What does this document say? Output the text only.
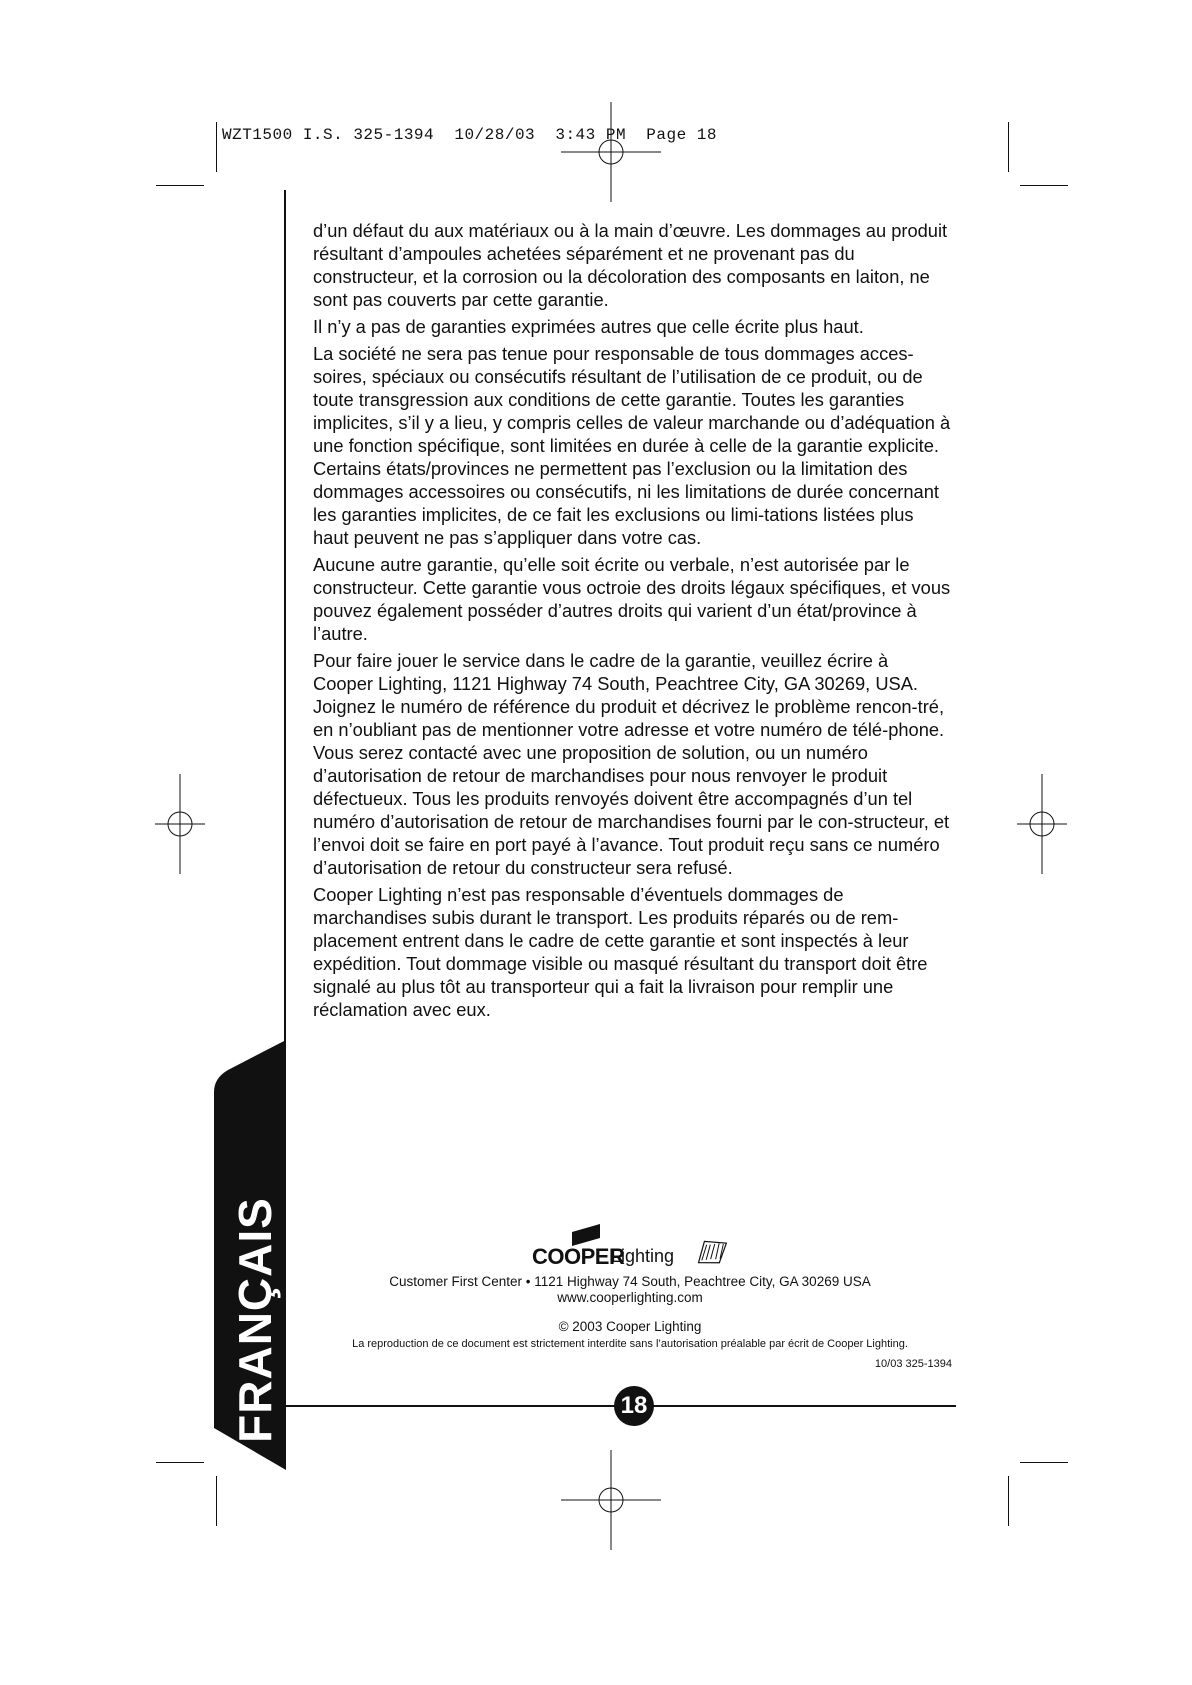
WZT1500 I.S. 325-1394  10/28/03  3:43 PM  Page 18
FRANÇAIS

d’un défaut du aux matériaux ou à la main d’œuvre. Les dommages au produit résultant d’ampoules achetées séparément et ne provenant pas du constructeur, et la corrosion ou la décoloration des composants en laiton, ne sont pas couverts par cette garantie.

Il n’y a pas de garanties exprimées autres que celle écrite plus haut.

La société ne sera pas tenue pour responsable de tous dommages acces-soires, spéciaux ou consécutifs résultant de l’utilisation de ce produit, ou de toute transgression aux conditions de cette garantie. Toutes les garanties implicites, s’il y a lieu, y compris celles de valeur marchande ou d’adéquation à une fonction spécifique, sont limitées en durée à celle de la garantie explicite. Certains états/provinces ne permettent pas l’exclusion ou la limitation des dommages accessoires ou consécutifs, ni les limitations de durée concernant les garanties implicites, de ce fait les exclusions ou limi-tations listées plus haut peuvent ne pas s’appliquer dans votre cas.

Aucune autre garantie, qu’elle soit écrite ou verbale, n’est autorisée par le constructeur. Cette garantie vous octroie des droits légaux spécifiques, et vous pouvez également posséder d’autres droits qui varient d’un état/province à l’autre.

Pour faire jouer le service dans le cadre de la garantie, veuillez écrire à Cooper Lighting, 1121 Highway 74 South, Peachtree City, GA 30269, USA. Joignez le numéro de référence du produit et décrivez le problème rencon-tré, en n’oubliant pas de mentionner votre adresse et votre numéro de télé-phone. Vous serez contacté avec une proposition de solution, ou un numéro d’autorisation de retour de marchandises pour nous renvoyer le produit défectueux. Tous les produits renvoyés doivent être accompagnés d’un tel numéro d’autorisation de retour de marchandises fourni par le con-structeur, et l’envoi doit se faire en port payé à l’avance. Tout produit reçu sans ce numéro d’autorisation de retour du constructeur sera refusé.

Cooper Lighting n’est pas responsable d’éventuels dommages de marchandises subis durant le transport. Les produits réparés ou de rem-placement entrent dans le cadre de cette garantie et sont inspectés à leur expédition. Tout dommage visible ou masqué résultant du transport doit être signalé au plus tôt au transporteur qui a fait la livraison pour remplir une réclamation avec eux.

COOPER
Lighting
Customer First Center • 1121 Highway 74 South, Peachtree City, GA 30269 USA
www.cooperlighting.com
© 2003 Cooper Lighting
La reproduction de ce document est strictement interdite sans l’autorisation préalable par écrit de Cooper Lighting.
10/03 325-1394
18
